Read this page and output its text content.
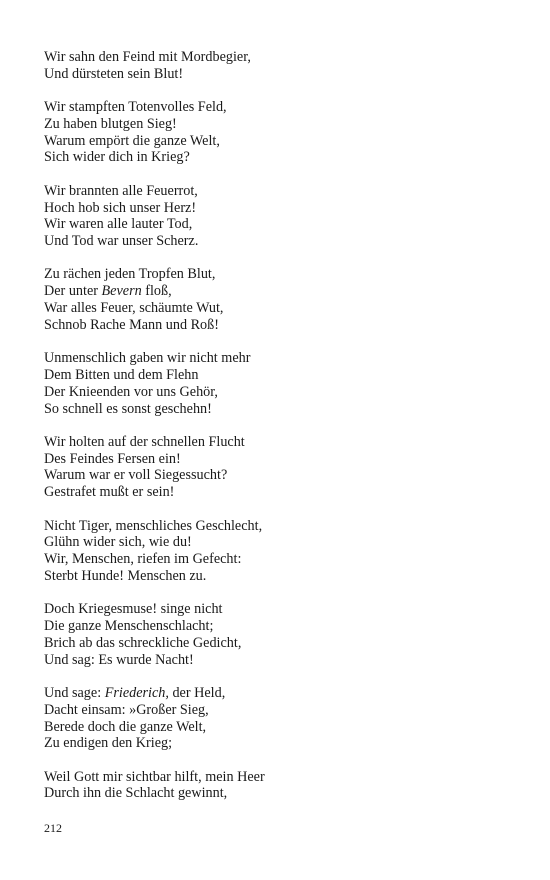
Wir sahn den Feind mit Mordbegier,
Und dürsteten sein Blut!
Wir stampften Totenvolles Feld,
Zu haben blutgen Sieg!
Warum empört die ganze Welt,
Sich wider dich in Krieg?
Wir brannten alle Feuerrot,
Hoch hob sich unser Herz!
Wir waren alle lauter Tod,
Und Tod war unser Scherz.
Zu rächen jeden Tropfen Blut,
Der unter Bevern floß,
War alles Feuer, schäumte Wut,
Schnob Rache Mann und Roß!
Unmenschlich gaben wir nicht mehr
Dem Bitten und dem Flehn
Der Knieenden vor uns Gehör,
So schnell es sonst geschehn!
Wir holten auf der schnellen Flucht
Des Feindes Fersen ein!
Warum war er voll Siegessucht?
Gestrafet mußt er sein!
Nicht Tiger, menschliches Geschlecht,
Glühn wider sich, wie du!
Wir, Menschen, riefen im Gefecht:
Sterbt Hunde! Menschen zu.
Doch Kriegesmuse! singe nicht
Die ganze Menschenschlacht;
Brich ab das schreckliche Gedicht,
Und sag: Es wurde Nacht!
Und sage: Friederich, der Held,
Dacht einsam: »Großer Sieg,
Berede doch die ganze Welt,
Zu endigen den Krieg;
Weil Gott mir sichtbar hilft, mein Heer
Durch ihn die Schlacht gewinnt,
212
